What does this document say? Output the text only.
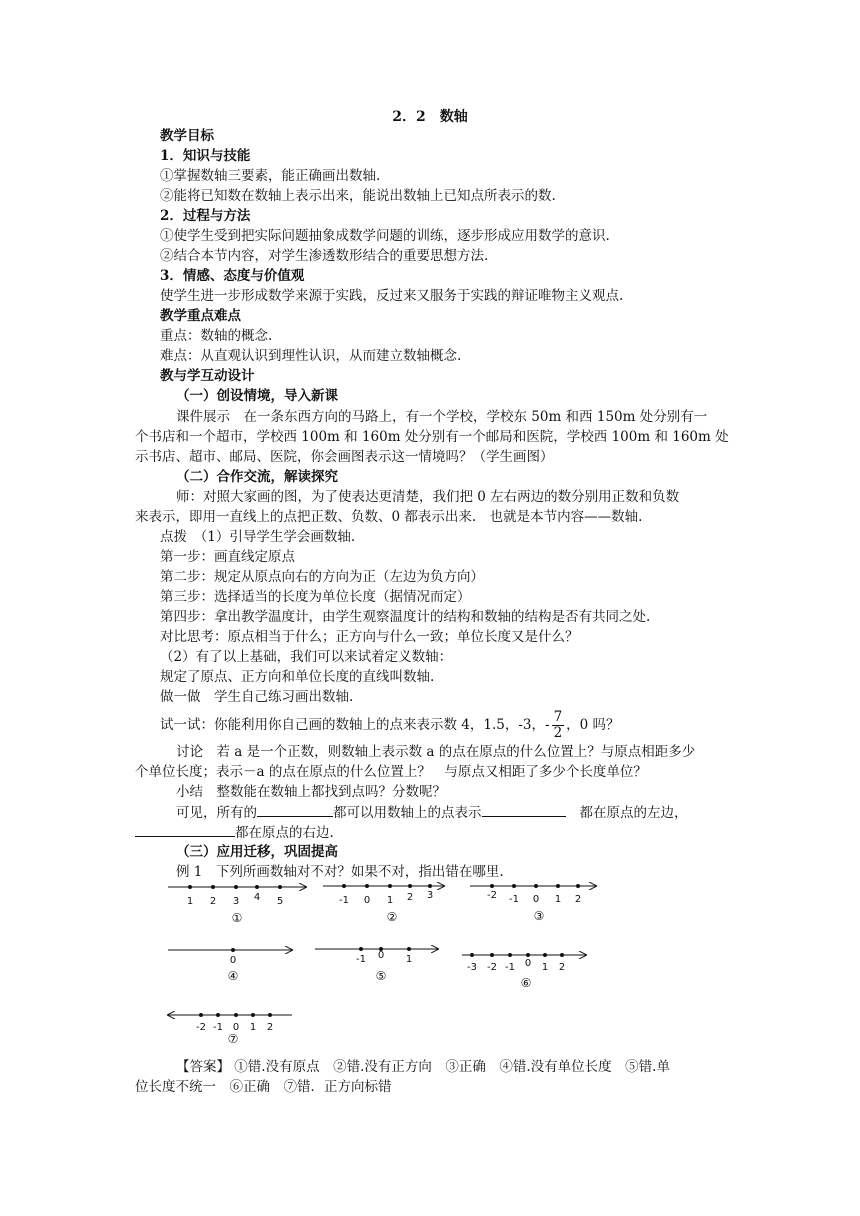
2．2　数轴
教学目标
1．知识与技能
①掌握数轴三要素，能正确画出数轴.
②能将已知数在数轴上表示出来，能说出数轴上已知点所表示的数.
2．过程与方法
①使学生受到把实际问题抽象成数学问题的训练，逐步形成应用数学的意识.
②结合本节内容，对学生渗透数形结合的重要思想方法.
3．情感、态度与价值观
使学生进一步形成数学来源于实践，反过来又服务于实践的辩证唯物主义观点.
教学重点难点
重点：数轴的概念.
难点：从直观认识到理性认识，从而建立数轴概念.
教与学互动设计
（一）创设情境，导入新课
课件展示　在一条东西方向的马路上，有一个学校，学校东 50m 和西 150m 处分别有一
个书店和一个超市，学校西 100m 和 160m 处分别有一个邮局和医院，学校西 100m 和 160m 处
示书店、超市、邮局、医院，你会画图表示这一情境吗？（学生画图）
（二）合作交流，解读探究
师：对照大家画的图，为了使表达更清楚，我们把 0 左右两边的数分别用正数和负数
来表示，即用一直线上的点把正数、负数、0 都表示出来.　也就是本节内容——数轴.
点拨　（1）引导学生学会画数轴.
第一步：画直线定原点
第二步：规定从原点向右的方向为正（左边为负方向）
第三步：选择适当的长度为单位长度（据情况而定）
第四步：拿出教学温度计，由学生观察温度计的结构和数轴的结构是否有共同之处.
对比思考：原点相当于什么；正方向与什么一致；单位长度又是什么？
（2）有了以上基础，我们可以来试着定义数轴：
规定了原点、正方向和单位长度的直线叫数轴.
做一做　学生自己练习画出数轴.
试一试：你能利用你自己画的数轴上的点来表示数 4，1.5，-3，- $\frac{7}{2}$ ，0 吗？
讨论　若 a 是一个正数，则数轴上表示数 a 的点在原点的什么位置上？与原点相距多少
个单位长度；表示－a 的点在原点的什么位置上？　与原点又相距了多少个长度单位？
小结　整数能在数轴上都找到点吗？分数呢？
可见，所有的	都可以用数轴上的点表示	都在原点的左边，
都在原点的右边.
（三）应用迁移，巩固提高
例 1　下列所画数轴对不对？如果不对，指出错在哪里.
1 2 3 4 5
①
-1 0 1 2 3
②
-2 -1 0 1 2
③
0
④
-1 0 1
⑤
-3 -2 -1 0 1 2
⑥
-2 -1 0 1 2
⑦
【答案】 ①错.没有原点　②错.没有正方向　③正确　④错.没有单位长度　⑤错.单
位长度不统一　⑥正确　⑦错．正方向标错
